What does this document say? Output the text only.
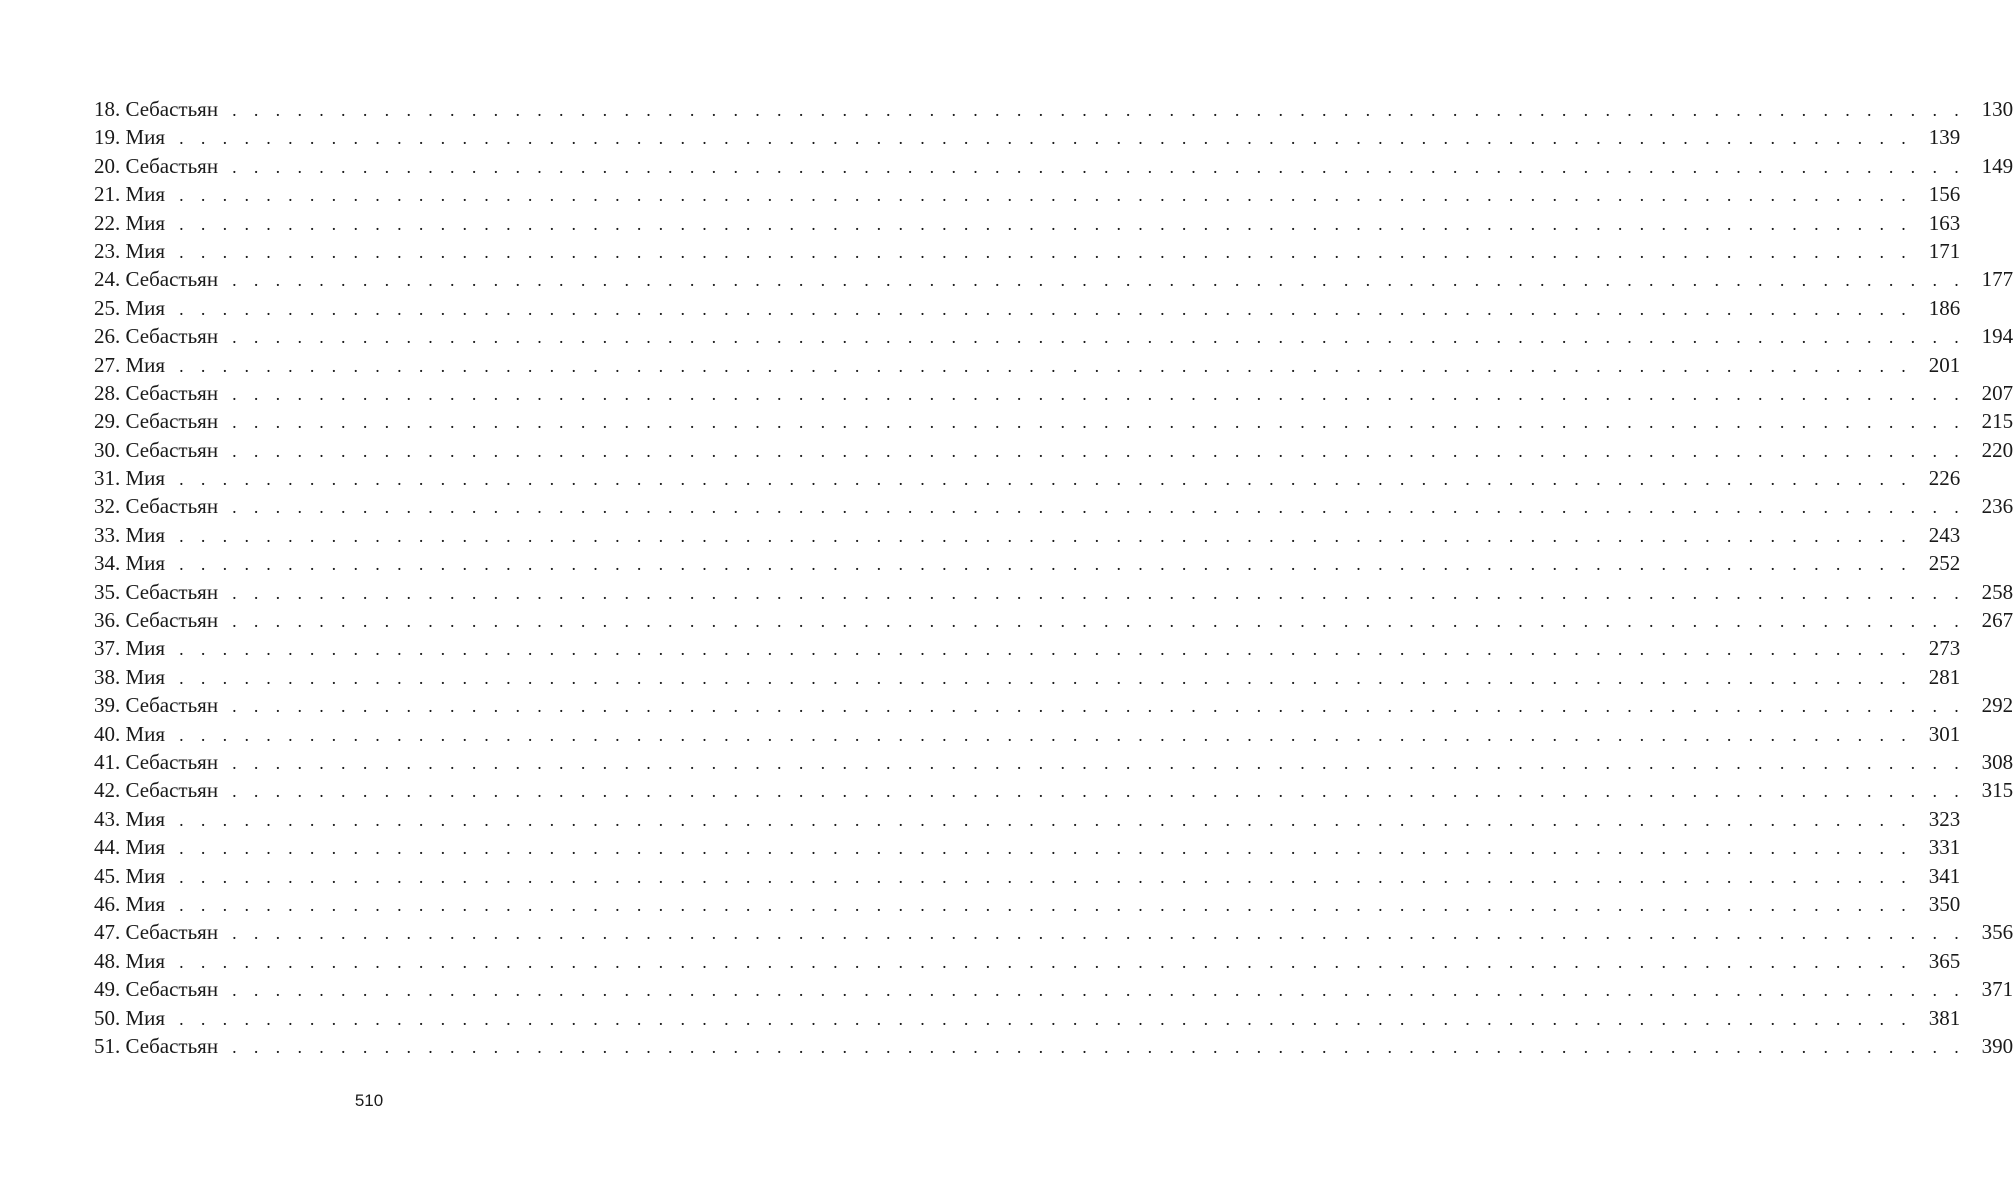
18. Себастьян . . . . . . . . . . . . . . . . . . . . . . . . . . . . . . . . . . . . . . . . . . . . . . . . . . . . . . . . . . . . . . . . . . . . . . . . . . . . . . . . 130
19. Мия . . . . . . . . . . . . . . . . . . . . . . . . . . . . . . . . . . . . . . . . . . . . . . . . . . . . . . . . . . . . . . . . . . . . . . . . . . . . . . . . 139
20. Себастьян . . . . . . . . . . . . . . . . . . . . . . . . . . . . . . . . . . . . . . . . . . . . . . . . . . . . . . . . . . . . . . . . . . . . . . . . . . . . . . . . 149
21. Мия . . . . . . . . . . . . . . . . . . . . . . . . . . . . . . . . . . . . . . . . . . . . . . . . . . . . . . . . . . . . . . . . . . . . . . . . . . . . . . . . 156
22. Мия . . . . . . . . . . . . . . . . . . . . . . . . . . . . . . . . . . . . . . . . . . . . . . . . . . . . . . . . . . . . . . . . . . . . . . . . . . . . . . . . 163
23. Мия . . . . . . . . . . . . . . . . . . . . . . . . . . . . . . . . . . . . . . . . . . . . . . . . . . . . . . . . . . . . . . . . . . . . . . . . . . . . . . . . 171
24. Себастьян . . . . . . . . . . . . . . . . . . . . . . . . . . . . . . . . . . . . . . . . . . . . . . . . . . . . . . . . . . . . . . . . . . . . . . . . . . . . . . . . 177
25. Мия . . . . . . . . . . . . . . . . . . . . . . . . . . . . . . . . . . . . . . . . . . . . . . . . . . . . . . . . . . . . . . . . . . . . . . . . . . . . . . . . 186
26. Себастьян . . . . . . . . . . . . . . . . . . . . . . . . . . . . . . . . . . . . . . . . . . . . . . . . . . . . . . . . . . . . . . . . . . . . . . . . . . . . . . . . 194
27. Мия . . . . . . . . . . . . . . . . . . . . . . . . . . . . . . . . . . . . . . . . . . . . . . . . . . . . . . . . . . . . . . . . . . . . . . . . . . . . . . . . 201
28. Себастьян . . . . . . . . . . . . . . . . . . . . . . . . . . . . . . . . . . . . . . . . . . . . . . . . . . . . . . . . . . . . . . . . . . . . . . . . . . . . . . . . 207
29. Себастьян . . . . . . . . . . . . . . . . . . . . . . . . . . . . . . . . . . . . . . . . . . . . . . . . . . . . . . . . . . . . . . . . . . . . . . . . . . . . . . . . 215
30. Себастьян . . . . . . . . . . . . . . . . . . . . . . . . . . . . . . . . . . . . . . . . . . . . . . . . . . . . . . . . . . . . . . . . . . . . . . . . . . . . . . . . 220
31. Мия . . . . . . . . . . . . . . . . . . . . . . . . . . . . . . . . . . . . . . . . . . . . . . . . . . . . . . . . . . . . . . . . . . . . . . . . . . . . . . . . 226
32. Себастьян . . . . . . . . . . . . . . . . . . . . . . . . . . . . . . . . . . . . . . . . . . . . . . . . . . . . . . . . . . . . . . . . . . . . . . . . . . . . . . . . 236
33. Мия . . . . . . . . . . . . . . . . . . . . . . . . . . . . . . . . . . . . . . . . . . . . . . . . . . . . . . . . . . . . . . . . . . . . . . . . . . . . . . . . 243
34. Мия . . . . . . . . . . . . . . . . . . . . . . . . . . . . . . . . . . . . . . . . . . . . . . . . . . . . . . . . . . . . . . . . . . . . . . . . . . . . . . . . 252
35. Себастьян . . . . . . . . . . . . . . . . . . . . . . . . . . . . . . . . . . . . . . . . . . . . . . . . . . . . . . . . . . . . . . . . . . . . . . . . . . . . . . . . 258
36. Себастьян . . . . . . . . . . . . . . . . . . . . . . . . . . . . . . . . . . . . . . . . . . . . . . . . . . . . . . . . . . . . . . . . . . . . . . . . . . . . . . . . 267
37. Мия . . . . . . . . . . . . . . . . . . . . . . . . . . . . . . . . . . . . . . . . . . . . . . . . . . . . . . . . . . . . . . . . . . . . . . . . . . . . . . . . 273
38. Мия . . . . . . . . . . . . . . . . . . . . . . . . . . . . . . . . . . . . . . . . . . . . . . . . . . . . . . . . . . . . . . . . . . . . . . . . . . . . . . . . 281
39. Себастьян . . . . . . . . . . . . . . . . . . . . . . . . . . . . . . . . . . . . . . . . . . . . . . . . . . . . . . . . . . . . . . . . . . . . . . . . . . . . . . . . 292
40. Мия . . . . . . . . . . . . . . . . . . . . . . . . . . . . . . . . . . . . . . . . . . . . . . . . . . . . . . . . . . . . . . . . . . . . . . . . . . . . . . . . 301
41. Себастьян . . . . . . . . . . . . . . . . . . . . . . . . . . . . . . . . . . . . . . . . . . . . . . . . . . . . . . . . . . . . . . . . . . . . . . . . . . . . . . . . 308
42. Себастьян . . . . . . . . . . . . . . . . . . . . . . . . . . . . . . . . . . . . . . . . . . . . . . . . . . . . . . . . . . . . . . . . . . . . . . . . . . . . . . . . 315
43. Мия . . . . . . . . . . . . . . . . . . . . . . . . . . . . . . . . . . . . . . . . . . . . . . . . . . . . . . . . . . . . . . . . . . . . . . . . . . . . . . . . 323
44. Мия . . . . . . . . . . . . . . . . . . . . . . . . . . . . . . . . . . . . . . . . . . . . . . . . . . . . . . . . . . . . . . . . . . . . . . . . . . . . . . . . 331
45. Мия . . . . . . . . . . . . . . . . . . . . . . . . . . . . . . . . . . . . . . . . . . . . . . . . . . . . . . . . . . . . . . . . . . . . . . . . . . . . . . . . 341
46. Мия . . . . . . . . . . . . . . . . . . . . . . . . . . . . . . . . . . . . . . . . . . . . . . . . . . . . . . . . . . . . . . . . . . . . . . . . . . . . . . . . 350
47. Себастьян . . . . . . . . . . . . . . . . . . . . . . . . . . . . . . . . . . . . . . . . . . . . . . . . . . . . . . . . . . . . . . . . . . . . . . . . . . . . . . . . 356
48. Мия . . . . . . . . . . . . . . . . . . . . . . . . . . . . . . . . . . . . . . . . . . . . . . . . . . . . . . . . . . . . . . . . . . . . . . . . . . . . . . . . 365
49. Себастьян . . . . . . . . . . . . . . . . . . . . . . . . . . . . . . . . . . . . . . . . . . . . . . . . . . . . . . . . . . . . . . . . . . . . . . . . . . . . . . . . 371
50. Мия . . . . . . . . . . . . . . . . . . . . . . . . . . . . . . . . . . . . . . . . . . . . . . . . . . . . . . . . . . . . . . . . . . . . . . . . . . . . . . . . 381
51. Себастьян . . . . . . . . . . . . . . . . . . . . . . . . . . . . . . . . . . . . . . . . . . . . . . . . . . . . . . . . . . . . . . . . . . . . . . . . . . . . . . . . 390
510
